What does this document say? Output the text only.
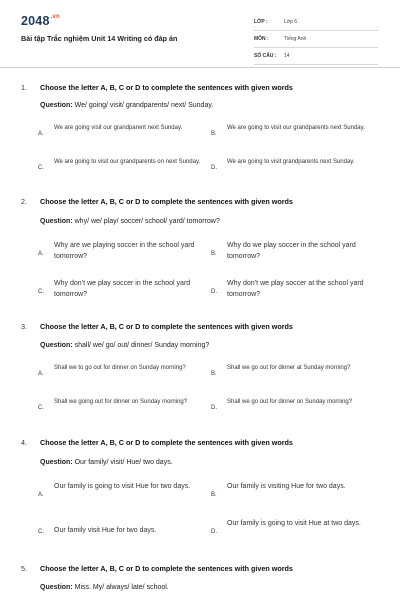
$2048^{.vn}$
Bài tập Trắc nghiệm Unit 14 Writing có đáp án
LỚP :	Lớp 6
MÔN :	Tiếng Anh
SỐ CÂU :	14
1. Choose the letter A, B, C or D to complete the sentences with given words
Question: We/ going/ visit/ grandparents/ next/ Sunday.
A.
We are going visit our grandparent next Sunday.
B.
We are going to visit our grandparents next Sunday.
C.
We are going to visit our grandparents on next Sunday.
D.
We are going to visit grandparents next Sunday.
2. Choose the letter A, B, C or D to complete the sentences with given words
Question: why/ we/ play/ soccer/ school/ yard/ tomorrow?
A.
Why are we playing soccer in the school yard tomorrow?	B.
Why do we play soccer in the school yard tomorrow?
C.
Why don’t we play soccer in the school yard tomorrow?	D.
Why don’t we play soccer at the school yard tomorrow?
3. Choose the letter A, B, C or D to complete the sentences with given words
Question: shall/ we/ go/ out/ dinner/ Sunday morning?
A.
Shall we to go out for dinner on Sunday morning?
B.
Shall we go out for dinner at Sunday morning?
C.
Shall we going out for dinner on Sunday morning?
D.
Shall we go out for dinner on Sunday morning?
4. Choose the letter A, B, C or D to complete the sentences with given words
Question: Our family/ visit/ Hue/ two days.
A.
Our family is going to visit Hue for two days.
B.
Our family is visiting Hue for two days.
C. Our family visit Hue for two days.	D.
Our family is going to visit Hue at two days.
5. Choose the letter A, B, C or D to complete the sentences with given words
Question: Miss. My/ always/ late/ school.
